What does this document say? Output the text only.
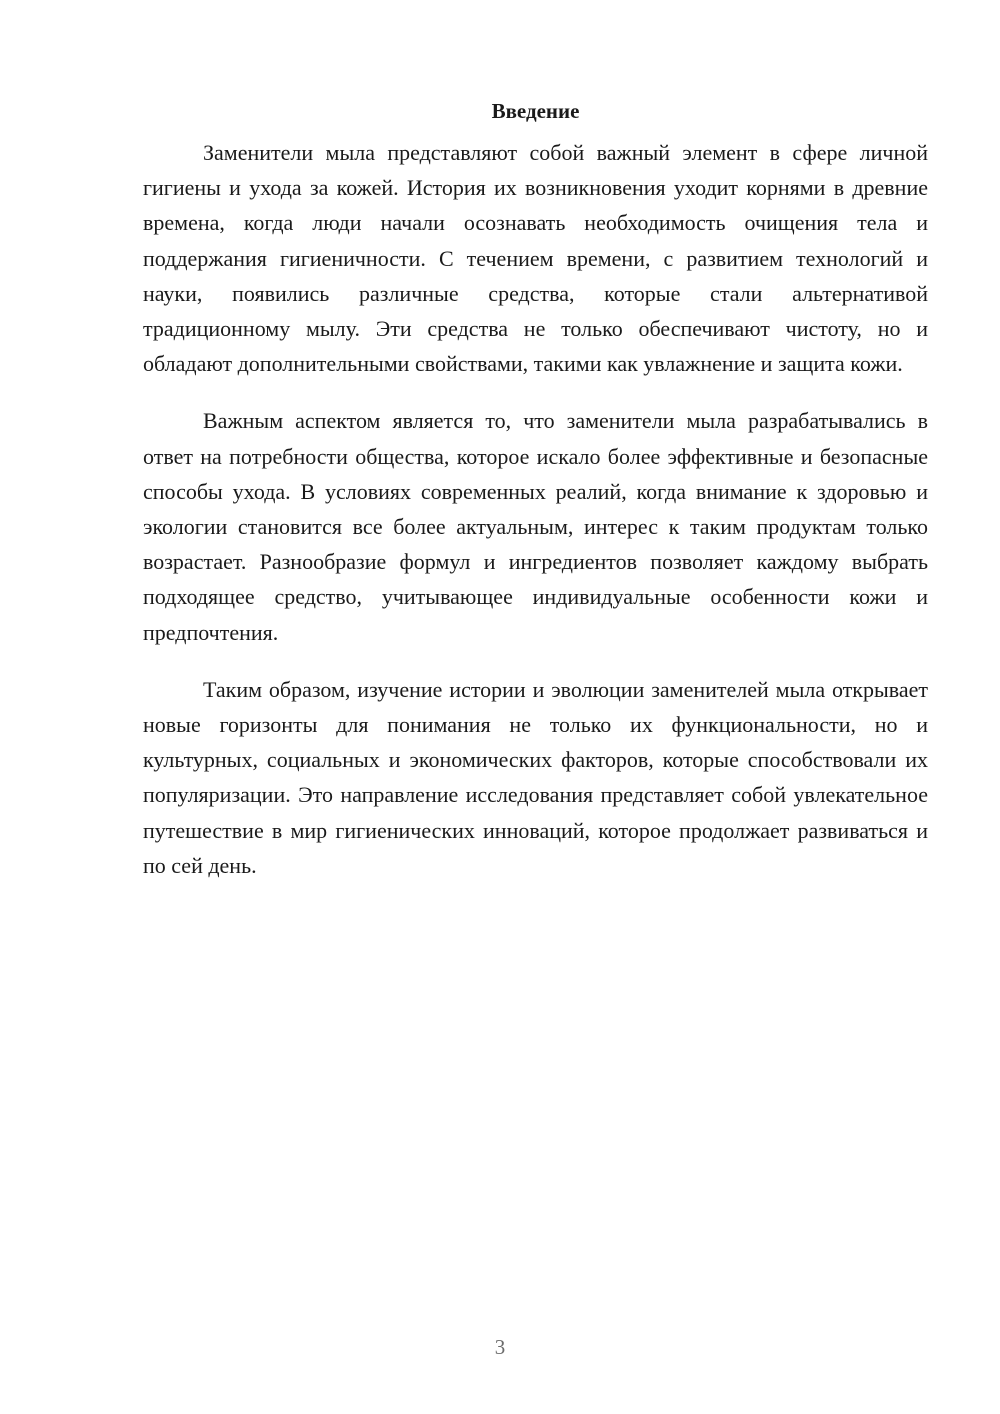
Введение

Заменители мыла представляют собой важный элемент в сфере личной гигиены и ухода за кожей. История их возникновения уходит корнями в древние времена, когда люди начали осознавать необходимость очищения тела и поддержания гигиеничности. С течением времени, с развитием технологий и науки, появились различные средства, которые стали альтернативой традиционному мылу. Эти средства не только обеспечивают чистоту, но и обладают дополнительными свойствами, такими как увлажнение и защита кожи.

Важным аспектом является то, что заменители мыла разрабатывались в ответ на потребности общества, которое искало более эффективные и безопасные способы ухода. В условиях современных реалий, когда внимание к здоровью и экологии становится все более актуальным, интерес к таким продуктам только возрастает. Разнообразие формул и ингредиентов позволяет каждому выбрать подходящее средство, учитывающее индивидуальные особенности кожи и предпочтения.

Таким образом, изучение истории и эволюции заменителей мыла открывает новые горизонты для понимания не только их функциональности, но и культурных, социальных и экономических факторов, которые способствовали их популяризации. Это направление исследования представляет собой увлекательное путешествие в мир гигиенических инноваций, которое продолжает развиваться и по сей день.

3
